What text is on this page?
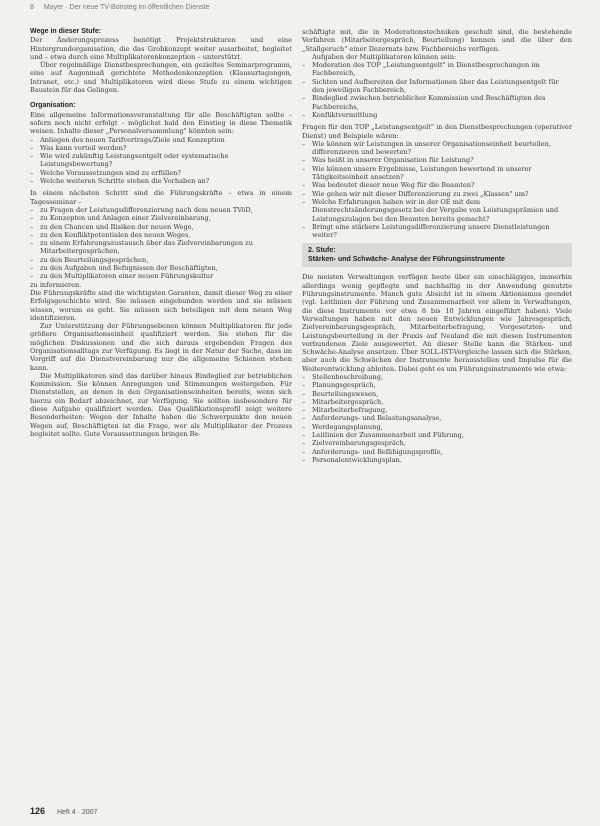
8 Mayer · Der neue TV-Bonsteg im öffentlichen Dienste

Wege in dieser Stufe:

Der Änderungsprozess benötigt Projektstrukturen und eine Hintergrundorganisation, die das Grobkonzept weiter ausarbeitet, begleitet und – etwa durch eine Multiplikatorenkonzeption – unterstützt.

Über regelmäßige Dienstbesprechungen, ein gezieltes Seminarprogramm, eine auf Augenmaß gerichtete Methodenkonzeption (Klausurtagungen, Intranet, etc.) und Multiplikatoren wird diese Stufe zu einem wichtigen Baustein für das Gelingen.

Organisation:

Eine allgemeine Informationsveranstaltung für alle Beschäftigten sollte – sofern noch nicht erfolgt – möglichst bald den Einstieg in diese Thematik weisen. Inhalte dieser „Personalversammlung" könnten sein:

– Anliegen des neuen Tarifvertrags/Ziele und Konzeption
– Was kann vorteil werden?
– Wie wird zukünftig Leistungsentgelt oder systematische Leistungsbewertung?
– Welche Voraussetzungen sind zu erfüllen?
– Welche weiteren Schritte stehen die Vorhaben an?

In einem nächsten Schritt sind die Führungskräfte – etwa in einem Tagesseminar –

– zu Fragen der Leistungsdifferenzierung nach dem neuen TVöD,
– zu Konzepten und Anlagen einer Zielvereinbarung,
– zu den Chancen und Risiken der neuen Wege,
– zu den Konfliktpotentialen des neuen Weges,
– zu einem Erfahrungsaustausch über das Zielvereinbarungen zu Mitarbeitergesprächen,
– zu den Beurteilungsgesprächen,
– zu den Aufgaben und Befugnissen der Beschäftigten,
– zu den Multiplikatoren einer neuen Führungskultur

zu informieren.

Die Führungskräfte sind die wichtigsten Garanten, damit dieser Weg zu einer Erfolgsgeschichte wird. Sie müssen eingebunden werden und sie müssen wissen, worum es geht. Sie müssen sich beteiligen mit dem neuen Weg identifizieren.

Zur Unterstützung der Führungsebenen können Multiplikatoren für jede größere Organisationseinheit qualifiziert werden. Sie stehen für die möglichen Diskussionen und die sich daraus ergebenden Fragen des Organisationsalltags zur Verfügung. Es liegt in der Natur der Sache, dass im Vorgriff auf die Dienstvereinbarung nur die allgemeine Schienen stehen kann.

Die Multiplikatoren sind das darüber hinaus Bindeglied zur betrieblichen Kommission. Sie können Anregungen und Stimmungen weitergeben. Für Dienststellen, an denen in den Organisationseinheiten bereits, wenn sich hierzu ein Bedarf abzeichnet, zur Verfügung. Sie sollten insbesondere für diese Aufgabe qualifiziert werden. Das Qualifikationsprofil zeigt weitere Besonderheiten: Wegen der Inhalte haben die Schwerpunkte den neuen Wegen auf, Beschäftigten ist die Frage, wer als Multiplikator der Prozess begleitet sollte. Gute Voraussetzungen bringen Be-

schäftigte mit, die in Moderationstechniken geschult sind, die bestehende Verfahren (Mitarbeitergespräch, Beurteilung) kennen und die über den „Stallgeruch" einer Dezernats bzw. Fachbereichs verfügen.

Aufgaben der Multiplikatoren können sein:

– Moderation des TOP „Leistungsentgelt" in Dienstbesprechungen im Fachbereich,
– Sichten und Aufbereiten der Informationen über das Leistungsentgelt für den jeweiligen Fachbereich,
– Bindeglied zwischen betrieblicher Kommission und Beschäftigten des Fachbereichs,
– Konfliktvermittlung

Fragen für den TOP „Leistungsentgelt" in den Dienstbesprechungen (operativer Dienst) und Beispiele wären:

– Wie können wir Leistungen in unserer Organisationseinheit beurteilen, differenzieren und bewerten?
– Was heißt in unserer Organisation für Leistung?
– Wie können unsere Ergebnisse, Leistungen bewertend in unserer Tätigkeitseinheit ansetzen?
– Was bedeutet dieser neue Weg für die Beamten?
– Wie gehen wir mit dieser Differenzierung zu zwei „Klassen" um?
– Welche Erfahrungen haben wir in der OE mit dem Dienstrechtsänderungsgesetz bei der Vergabe von Leistungsprämien und Leistungszulagen bei den Beamten bereits gemacht?
– Bringt eine stärkere Leistungsdifferenzierung unsere Dienstleistungen weiter?

2. Stufe:

Stärken- und Schwäche- Analyse der Führungsinstrumente

Die meisten Verwaltungen verfügen heute über ein einschlägiges, immerhin allerdings wenig gepflegte und nachhaltig in der Anwendung genutzte Führungsinstrumente. Manch gute Absicht ist in einem Aktionismus geendet (vgl. Leitlinien der Führung und Zusammenarbeit vor allem in Verwaltungen, die diese Instrumente vor etwa 8 bis 10 Jahren eingeführt haben). Viele Verwaltungen haben mit den neuen Entwicklungen wie Jahresgespräch, Zielvereinbarungsgespräch, Mitarbeiterbefragung, Vorgesetzten- und Leistungsbeurteilung in der Praxis auf Neuland die mit diesen Instrumenten verbundenen Ziele ausgewertet. An dieser Stelle kann die Stärken- und Schwäche-Analyse ansetzen. Über SOLL-IST-Vergleiche lassen sich die Stärken, aber auch die Schwächen der Instrumente herausstellen und Impulse für die Weiterentwicklung ableiten. Dabei geht es um Führungsinstrumente wie etwa:

– Stellenbeschreibung,
– Planungsgespräch,
– Beurteilungswesen,
– Mitarbeitergespräch,
– Mitarbeiterbefragung,
– Anforderungs- und Belastungsanalyse,
– Werdegangsplanung,
– Leitlinien der Zusammenarbeit und Führung,
– Zielvereinbarungsgespräch,
– Anforderungs- und Befähigungsprofile,
– Personalentwicklungsplan.
126 Heft 4 · 2007
